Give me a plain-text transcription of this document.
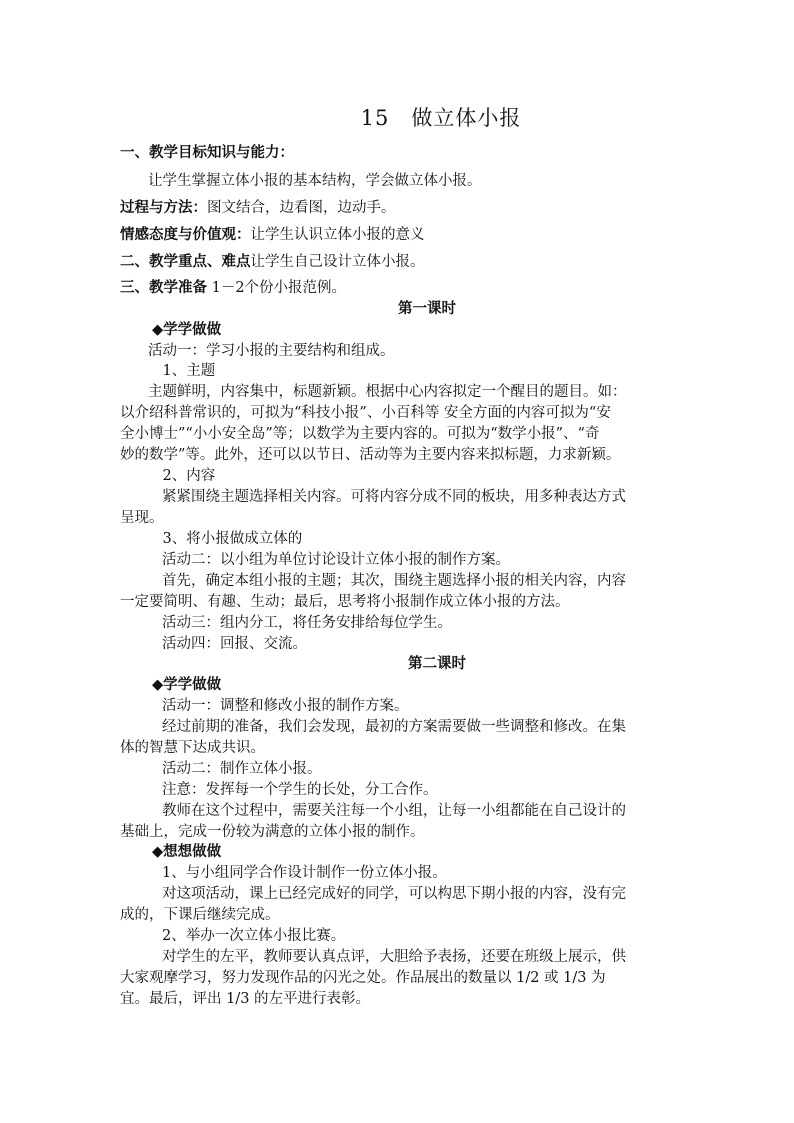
15　做立体小报
一、教学目标知识与能力：
让学生掌握立体小报的基本结构，学会做立体小报。
过程与方法：图文结合，边看图，边动手。
情感态度与价值观：让学生认识立体小报的意义
二、教学重点、难点让学生自己设计立体小报。
三、教学准备 1－2个份小报范例。
第一课时
◆学学做做
活动一：学习小报的主要结构和组成。
　1、主题
主题鲜明，内容集中，标题新颖。根据中心内容拟定一个醒目的题目。如：
以介绍科普常识的，可拟为“科技小报”、小百科等 安全方面的内容可拟为“安
全小博士”“小小安全岛”等；以数学为主要内容的。可拟为“数学小报”、“奇
妙的数学”等。此外，还可以以节日、活动等为主要内容来拟标题，力求新颖。
　2、内容
紧紧围绕主题选择相关内容。可将内容分成不同的板块，用多种表达方式
呈现。
　3、将小报做成立体的
活动二：以小组为单位讨论设计立体小报的制作方案。
首先，确定本组小报的主题；其次，围绕主题选择小报的相关内容，内容
一定要简明、有趣、生动；最后，思考将小报制作成立体小报的方法。
活动三：组内分工，将任务安排给每位学生。
活动四：回报、交流。
第二课时
◆学学做做
活动一：调整和修改小报的制作方案。
经过前期的准备，我们会发现，最初的方案需要做一些调整和修改。在集
体的智慧下达成共识。
活动二：制作立体小报。
注意：发挥每一个学生的长处，分工合作。
教师在这个过程中，需要关注每一个小组，让每一小组都能在自己设计的
基础上，完成一份较为满意的立体小报的制作。
◆想想做做
1、与小组同学合作设计制作一份立体小报。
对这项活动，课上已经完成好的同学，可以构思下期小报的内容，没有完
成的，下课后继续完成。
2、举办一次立体小报比赛。
对学生的左平，教师要认真点评，大胆给予表扬，还要在班级上展示，供
大家观摩学习，努力发现作品的闪光之处。作品展出的数量以 1/2 或 1/3 为
宜。最后，评出 1/3 的左平进行表彰。
